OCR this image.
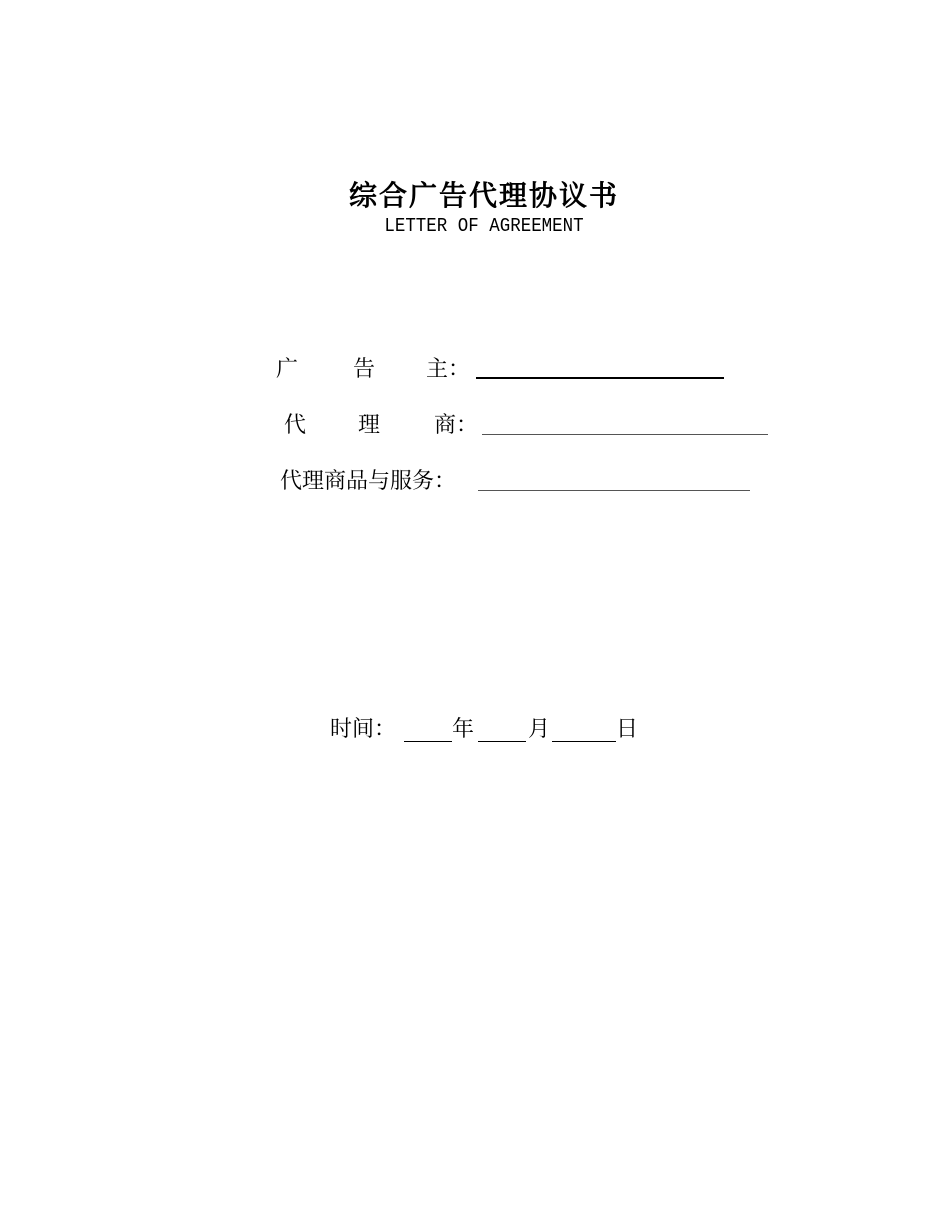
综合广告代理协议书
LETTER OF AGREEMENT
广 告 主 ：
代 理 商 ：
代理商品与服务：
时间：	年 月	日
